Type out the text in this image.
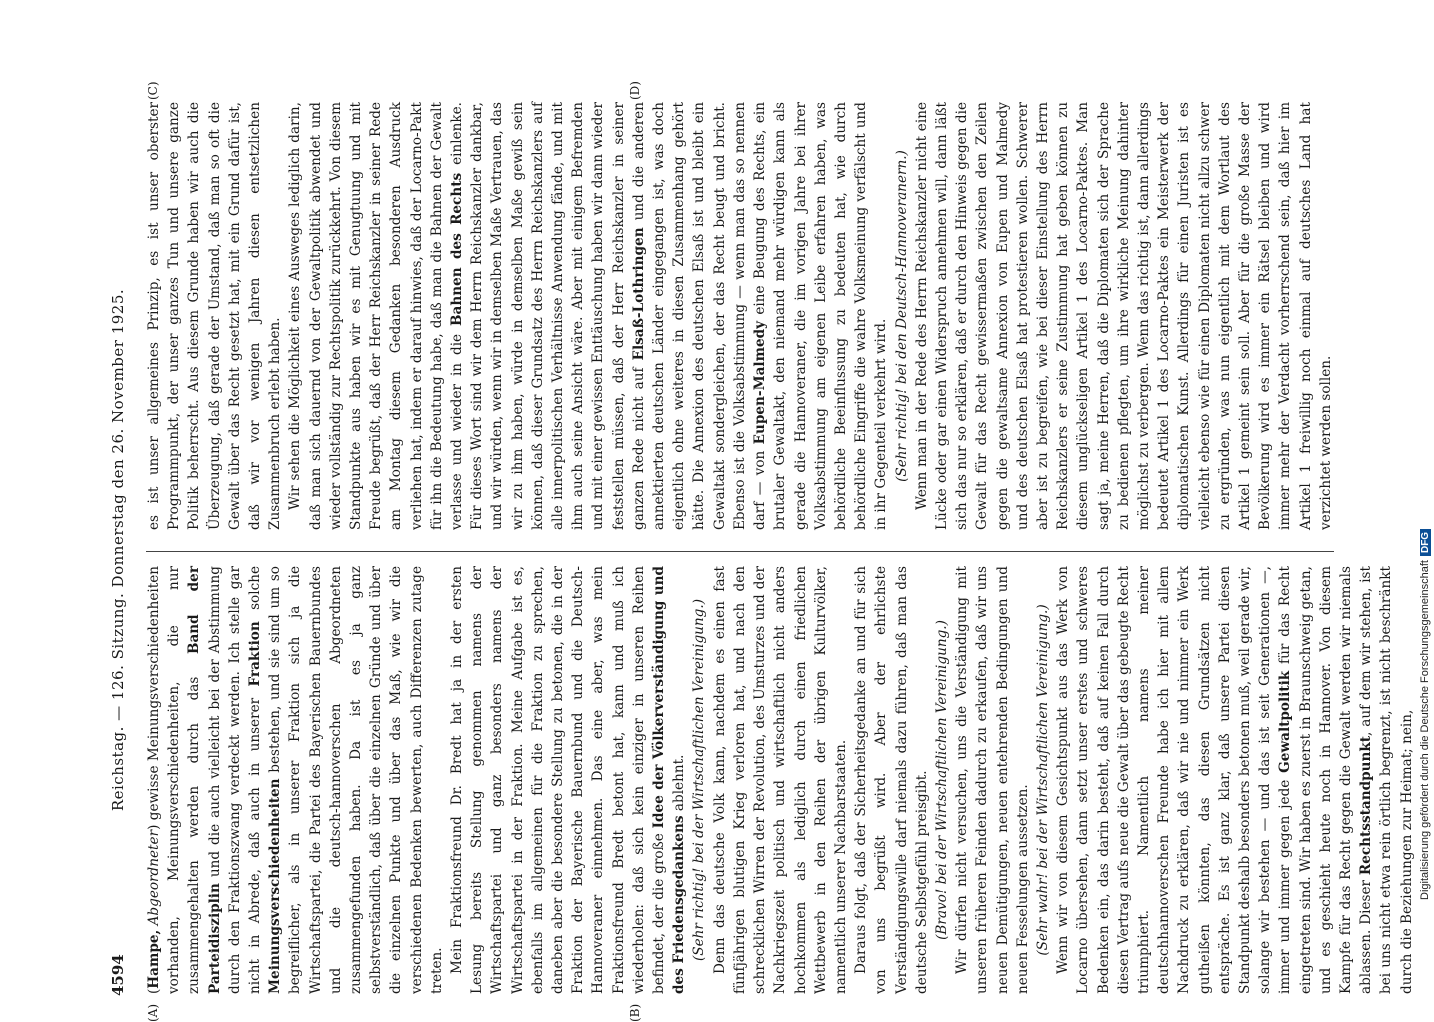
4594
Reichstag. — 126. Sitzung. Donnerstag den 26. November 1925.
(A)	(B)
(C)	(D)

(Hampe, Abgeordneter) gewisse Meinungsverschiedenheiten vorhanden, Meinungsverschiedenheiten, die nur zusammengehalten werden durch das Band der Parteidisziplin und die auch vielleicht bei der Abstimmung durch den Fraktionszwang verdeckt werden. Ich stelle gar nicht in Abrede, daß auch in unserer Fraktion solche Meinungsverschiedenheiten bestehen, und sie sind um so begreiflicher, als in unserer Fraktion sich ja die Wirtschaftspartei, die Partei des Bayerischen Bauernbundes und die deutsch-hannoverschen Abgeordneten zusammengefunden haben. Da ist es ja ganz selbstverständlich, daß über die einzelnen Gründe und über die einzelnen Punkte und über das Maß, wie wir die verschiedenen Bedenken bewerten, auch Differenzen zutage treten. Mein Fraktionsfreund Dr. Bredt hat ja in der ersten Lesung bereits Stellung genommen namens der Wirtschaftspartei und ganz besonders namens der Wirtschaftspartei in der Fraktion. Meine Aufgabe ist es, ebenfalls im allgemeinen für die Fraktion zu sprechen, daneben aber die besondere Stellung zu betonen, die in der Fraktion der Bayerische Bauernbund und die Deutsch-Hannoveraner einnehmen. Das eine aber, was mein Fraktionsfreund Bredt betont hat, kann und muß ich wiederholen: daß sich kein einziger in unseren Reihen befindet, der die große Idee der Völkerverständigung und des Friedensgedankens ablehnt. (Sehr richtig! bei der Wirtschaftlichen Vereinigung.) Denn das deutsche Volk kann, nachdem es einen fast fünfjährigen blutigen Krieg verloren hat, und nach den schrecklichen Wirren der Revolution, des Umsturzes und der Nachkriegszeit politisch und wirtschaftlich nicht anders hochkommen als lediglich durch einen friedlichen Wettbewerb in den Reihen der übrigen Kulturvölker, namentlich unserer Nachbarstaaten. Daraus folgt, daß der Sicherheitsgedanke an und für sich von uns begrüßt wird. Aber der ehrlichste Verständigungswille darf niemals dazu führen, daß man das deutsche Selbstgefühl preisgibt. (Bravo! bei der Wirtschaftlichen Vereinigung.) Wir dürfen nicht versuchen, uns die Verständigung mit unseren früheren Feinden dadurch zu erkaufen, daß wir uns neuen Demütigungen, neuen entehrenden Bedingungen und neuen Fesselungen aussetzen. (Sehr wahr! bei der Wirtschaftlichen Vereinigung.) Wenn wir von diesem Gesichtspunkt aus das Werk von Locarno übersehen, dann setzt unser erstes und schweres Bedenken ein, das darin besteht, daß auf keinen Fall durch diesen Vertrag aufs neue die Gewalt über das gebeugte Recht triumphiert. Namentlich namens meiner deutschhannoverschen Freunde habe ich hier mit allem Nachdruck zu erklären, daß wir nie und nimmer ein Werk gutheißen könnten, das diesen Grundsätzen nicht entspräche. Es ist ganz klar, daß unsere Partei diesen Standpunkt deshalb besonders betonen muß, weil gerade wir, solange wir bestehen — und das ist seit Generationen —, immer und immer gegen jede Gewaltpolitik für das Recht eingetreten sind. Wir haben es zuerst in Braunschweig getan, und es geschieht heute noch in Hannover. Von diesem Kampfe für das Recht gegen die Gewalt werden wir niemals ablassen. Dieser Rechtsstandpunkt, auf dem wir stehen, ist bei uns nicht etwa rein örtlich begrenzt, ist nicht beschränkt durch die Beziehungen zur Heimat; nein,

es ist unser allgemeines Prinzip, es ist unser oberster Programmpunkt, der unser ganzes Tun und unsere ganze Politik beherrscht. Aus diesem Grunde haben wir auch die Überzeugung, daß gerade der Umstand, daß man so oft die Gewalt über das Recht gesetzt hat, mit ein Grund dafür ist, daß wir vor wenigen Jahren diesen entsetzlichen Zusammenbruch erlebt haben. Wir sehen die Möglichkeit eines Ausweges lediglich darin, daß man sich dauernd von der Gewaltpolitik abwendet und wieder vollständig zur Rechtspolitik zurückkehrt. Von diesem Standpunkte aus haben wir es mit Genugtuung und mit Freude begrüßt, daß der Herr Reichskanzler in seiner Rede am Montag diesem Gedanken besonderen Ausdruck verliehen hat, indem er darauf hinwies, daß der Locarno-Pakt für ihn die Bedeutung habe, daß man die Bahnen der Gewalt verlasse und wieder in die Bahnen des Rechts einlenke. Für dieses Wort sind wir dem Herrn Reichskanzler dankbar, und wir würden, wenn wir in demselben Maße Vertrauen, das wir zu ihm haben, würde in demselben Maße gewiß sein können, daß dieser Grundsatz des Herrn Reichskanzlers auf alle innerpolitischen Verhältnisse Anwendung fände, und mit ihm auch seine Ansicht wäre. Aber mit einigem Befremden und mit einer gewissen Enttäuschung haben wir dann wieder feststellen müssen, daß der Herr Reichskanzler in seiner ganzen Rede nicht auf Elsaß-Lothringen und die anderen annektierten deutschen Länder eingegangen ist, was doch eigentlich ohne weiteres in diesen Zusammenhang gehört hätte. Die Annexion des deutschen Elsaß ist und bleibt ein Gewaltakt sondergleichen, der das Recht beugt und bricht. Ebenso ist die Volksabstimmung — wenn man das so nennen darf — von Eupen-Malmedy eine Beugung des Rechts, ein brutaler Gewaltakt, den niemand mehr würdigen kann als gerade die Hannoveraner, die im vorigen Jahre bei ihrer Volksabstimmung am eigenen Leibe erfahren haben, was behördliche Beeinflussung zu bedeuten hat, wie durch behördliche Eingriffe die wahre Volksmeinung verfälscht und in ihr Gegenteil verkehrt wird. (Sehr richtig! bei den Deutsch-Hannoveranern.) Wenn man in der Rede des Herrn Reichskanzler nicht eine Lücke oder gar einen Widerspruch annehmen will, dann läßt sich das nur so erklären, daß er durch den Hinweis gegen die Gewalt für das Recht gewissermaßen zwischen den Zeilen gegen die gewaltsame Annexion von Eupen und Malmedy und des deutschen Elsaß hat protestieren wollen. Schwerer aber ist zu begreifen, wie bei dieser Einstellung des Herrn Reichskanzlers er seine Zustimmung hat geben können zu diesem unglückseligen Artikel 1 des Locarno-Paktes. Man sagt ja, meine Herren, daß die Diplomaten sich der Sprache zu bedienen pflegten, um ihre wirkliche Meinung dahinter möglichst zu verbergen. Wenn das richtig ist, dann allerdings bedeutet Artikel 1 des Locarno-Paktes ein Meisterwerk der diplomatischen Kunst. Allerdings für einen Juristen ist es vielleicht ebenso wie für einen Diplomaten nicht allzu schwer zu ergründen, was nun eigentlich mit dem Wortlaut des Artikel 1 gemeint sein soll. Aber für die große Masse der Bevölkerung wird es immer ein Rätsel bleiben und wird immer mehr der Verdacht vorherrschend sein, daß hier im Artikel 1 freiwillig noch einmal auf deutsches Land hat verzichtet werden sollen.

Digitalisierung gefördert durch die Deutsche ForschungsgemeinschaftDFG
